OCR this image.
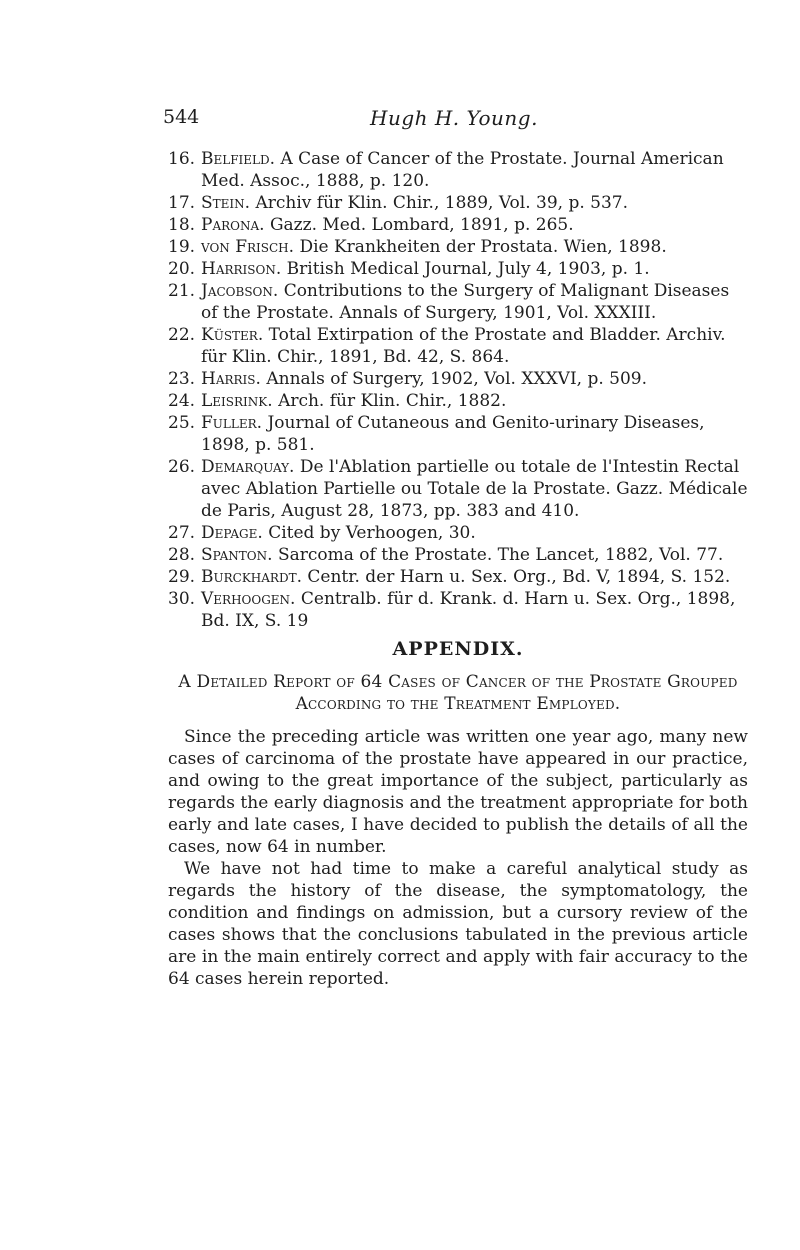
544	Hugh H. Young.
16. Belfield. A Case of Cancer of the Prostate. Journal American Med. Assoc., 1888, p. 120.
17. Stein. Archiv für Klin. Chir., 1889, Vol. 39, p. 537.
18. Parona. Gazz. Med. Lombard, 1891, p. 265.
19. von Frisch. Die Krankheiten der Prostata. Wien, 1898.
20. Harrison. British Medical Journal, July 4, 1903, p. 1.
21. Jacobson. Contributions to the Surgery of Malignant Diseases of the Prostate. Annals of Surgery, 1901, Vol. XXXIII.
22. Küster. Total Extirpation of the Prostate and Bladder. Archiv. für Klin. Chir., 1891, Bd. 42, S. 864.
23. Harris. Annals of Surgery, 1902, Vol. XXXVI, p. 509.
24. Leisrink. Arch. für Klin. Chir., 1882.
25. Fuller. Journal of Cutaneous and Genito-urinary Diseases, 1898, p. 581.
26. Demarquay. De l'Ablation partielle ou totale de l'Intestin Rectal avec Ablation Partielle ou Totale de la Prostate. Gazz. Médicale de Paris, August 28, 1873, pp. 383 and 410.
27. Depage. Cited by Verhoogen, 30.
28. Spanton. Sarcoma of the Prostate. The Lancet, 1882, Vol. 77.
29. Burckhardt. Centr. der Harn u. Sex. Org., Bd. V, 1894, S. 152.
30. Verhoogen. Centralb. für d. Krank. d. Harn u. Sex. Org., 1898, Bd. IX, S. 19
APPENDIX.
A Detailed Report of 64 Cases of Cancer of the Prostate Grouped According to the Treatment Employed.

Since the preceding article was written one year ago, many new cases of carcinoma of the prostate have appeared in our practice, and owing to the great importance of the subject, particularly as regards the early diagnosis and the treatment appropriate for both early and late cases, I have decided to publish the details of all the cases, now 64 in number.

We have not had time to make a careful analytical study as regards the history of the disease, the symptomatology, the condition and findings on admission, but a cursory review of the cases shows that the conclusions tabulated in the previous article are in the main entirely correct and apply with fair accuracy to the 64 cases herein reported.
